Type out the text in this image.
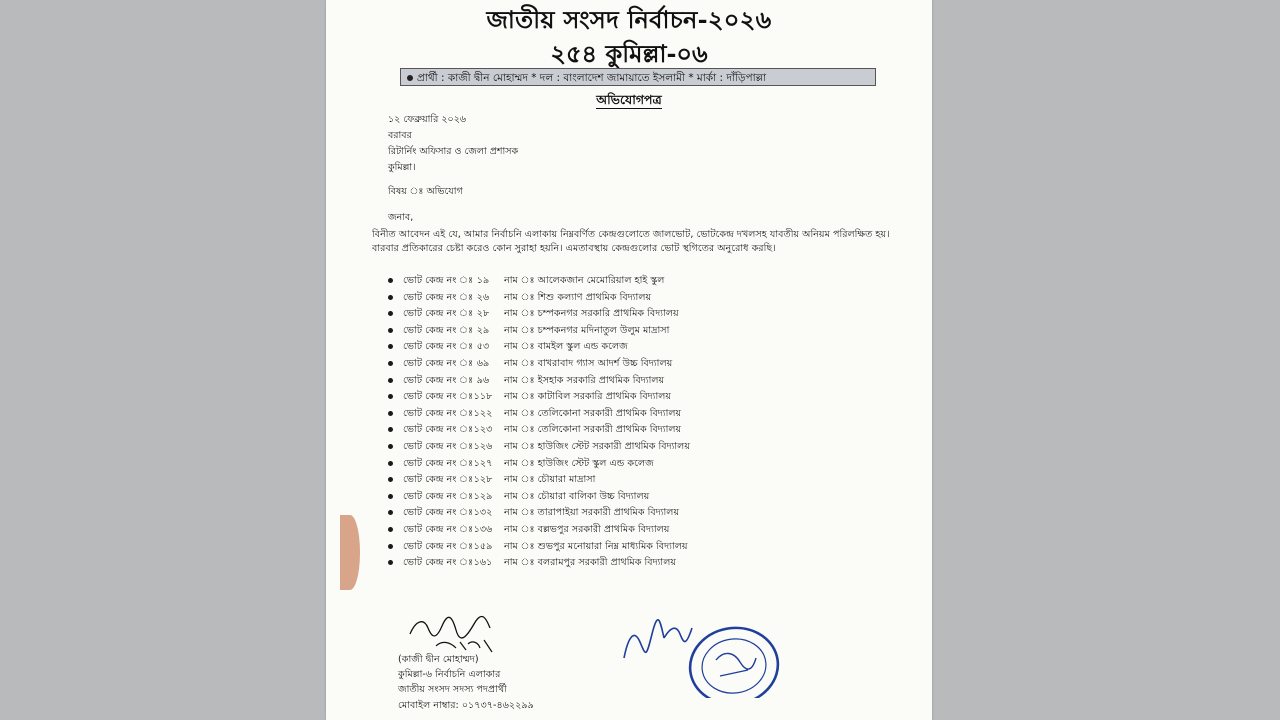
জাতীয় সংসদ নির্বাচন-২০২৬
২৫৪ কুমিল্লা-০৬
প্রার্থী : কাজী দ্বীন মোহাম্মদ * দল : বাংলাদেশ জামায়াতে ইসলামী * মার্কা : দাঁড়িপাল্লা
অভিযোগপত্র
১২ ফেব্রুয়ারি ২০২৬
বরাবর
রিটার্নিং অফিসার ও জেলা প্রশাসক
কুমিল্লা।
বিষয় ঃ অভিযোগ
জনাব,
বিনীত আবেদন এই যে, আমার নির্বাচনি এলাকায় নিম্নবর্ণিত কেন্দ্রগুলোতে জালভোট, ভোটকেন্দ্র দখলসহ যাবতীয় অনিয়ম পরিলক্ষিত হয়। বারবার প্রতিকারের চেষ্টা করেও কোন সুরাহা হয়নি। এমতাবস্থায় কেন্দ্রগুলোর ভোট স্থগিতের অনুরোধ করছি।
ভোট কেন্দ্র নং ঃ ১৯	নাম ঃ আলেকজান মেমোরিয়াল হাই স্কুল
ভোট কেন্দ্র নং ঃ ২৬	নাম ঃ শিশু কল্যাণ প্রাথমিক বিদ্যালয়
ভোট কেন্দ্র নং ঃ ২৮	নাম ঃ চম্পকনগর সরকারি প্রাথমিক বিদ্যালয়
ভোট কেন্দ্র নং ঃ ২৯	নাম ঃ চম্পকনগর মদিনাতুল উলুম মাদ্রাসা
ভোট কেন্দ্র নং ঃ ৫৩	নাম ঃ বামইল স্কুল এন্ড কলেজ
ভোট কেন্দ্র নং ঃ ৬৯	নাম ঃ বাখরাবাদ গ্যাস আদর্শ উচ্চ বিদ্যালয়
ভোট কেন্দ্র নং ঃ ৯৬	নাম ঃ ইসহাক সরকারি প্রাথমিক বিদ্যালয়
ভোট কেন্দ্র নং ঃ ১১৮ নাম ঃ কাটাবিল সরকারি প্রাথমিক বিদ্যালয়
ভোট কেন্দ্র নং ঃ ১২২ নাম ঃ তেলিকোনা সরকারী প্রাথমিক বিদ্যালয়
ভোট কেন্দ্র নং ঃ ১২৩ নাম ঃ তেলিকোনা সরকারী প্রাথমিক বিদ্যালয়
ভোট কেন্দ্র নং ঃ ১২৬ নাম ঃ হাউজিং স্টেট সরকারী প্রাথমিক বিদ্যালয়
ভোট কেন্দ্র নং ঃ ১২৭ নাম ঃ হাউজিং স্টেট স্কুল এন্ড কলেজ
ভোট কেন্দ্র নং ঃ ১২৮ নাম ঃ চৌয়ারা মাদ্রাসা
ভোট কেন্দ্র নং ঃ ১২৯ নাম ঃ চৌয়ারা বালিকা উচ্চ বিদ্যালয়
ভোট কেন্দ্র নং ঃ ১৩২ নাম ঃ তারাপাইয়া সরকারী প্রাথমিক বিদ্যালয়
ভোট কেন্দ্র নং ঃ ১৩৬ নাম ঃ বল্লভপুর সরকারী প্রাথমিক বিদ্যালয়
ভোট কেন্দ্র নং ঃ ১৫৯ নাম ঃ শুভপুর মনোয়ারা নিম্ন মাধ্যমিক বিদ্যালয়
ভোট কেন্দ্র নং ঃ ১৬১ নাম ঃ বলরামপুর সরকারী প্রাথমিক বিদ্যালয়
(কাজী দ্বীন মোহাম্মদ)
কুমিল্লা-৬ নির্বাচনি এলাকার
জাতীয় সংসদ সদস্য পদপ্রার্থী
মোবাইল নাম্বার: ০১৭৩৭-৪৬২২৯৯
